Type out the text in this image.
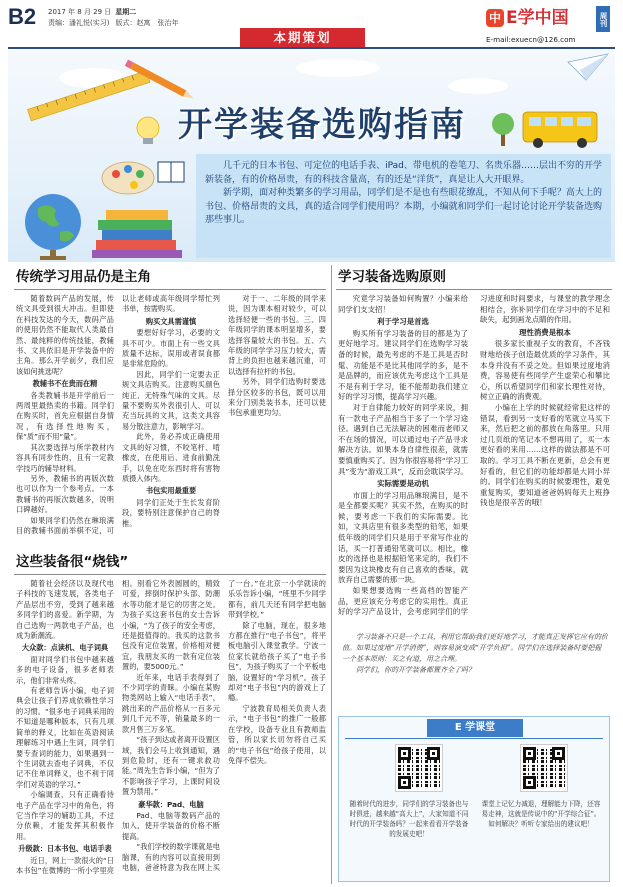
B2 2017 年 8 月 29 日 星期二
责编：潘礼悦(实习) 版式：赵寓　张治年
本期策划
中 E学中国	周刊
E-mail:exuecn@126.com
开学装备选购指南

几千元的日本书包、可定位的电话手表、iPad、带电机的卷笔刀、名贵乐器……层出不穷的开学新装备，有的价格昂贵，有的科技含量高，有的还是“洋货”，真是让人大开眼界。

新学期，面对种类繁多的学习用品，同学们是不是也有些眼花缭乱，不知从何下手呢？高大上的书包、价格昂贵的文具，真的适合同学们使用吗？本期，小编就和同学们一起讨论讨论开学装备选购那些事儿。

传统学习用品仍是主角

随着数码产品的发展，传统文具受到很大冲击。但即使在科技发达的今天，数码产品的使用仍然不能取代人类最自然、最纯粹的传统技能，教辅书、文具依旧是开学装备中的主角。那么开学前夕，我们应该如何挑选呢？

教辅书不在贵而在精

各类教辅书是开学前后一两周里最热卖的书籍。同学们在购买时，首先应根据自身情况，有选择性地购买，保“质”而不用“量”。

其次要选择与所学教材内容具有同步性的，且有一定教学技巧的辅导材料。

另外，教辅书的再版次数也可以作为一个参考点。一本教辅书的再版次数越多，说明口碑越好。

如果同学们仍然在琳琅满目的教辅书面前举棋不定，可以让老师或高年级同学帮忙列书单，按需购买。

购买文具需谨慎

要想好好学习，必要的文具不可少。市面上有一些文具质量不达标，误用或者误食都是非常危险的。

因此，同学们一定要去正规文具店购买。注意购买颜色纯正、无特殊气味的文具。尽量不要购买外表很引人、可以充当玩具的文具，这类文具容易分散注意力，影响学习。

此外，务必养成正确使用文具的好习惯，不咬笔杆、啃橡皮，在使用后、进食前勤洗手，以免在吃东西时将有害物质摄入体内。

书包实用最重要

同学们正处于生长发育阶段，要特别注意保护自己的脊椎。

对于一、二年级的同学来说，因为课本相对较少，可以选择轻便一些的书包。三、四年级同学的课本明显增多，要选择容量较大的书包。五、六年级的同学学习压力较大，需背上的负担也越来越沉重，可以选择有拉杆的书包。

另外，同学们选购时要选择分区较多的书包，既可以用来分门别类装书本，还可以使书包承重更均匀。

这些装备很“烧钱”

随着社会经济以及现代电子科技的飞速发展，各类电子产品层出不穷，受到了越来越多同学们的喜爱。新学期，为自己选购一两款电子产品，也成为新潮流。

大众款：点读机、电子词典

面对同学们书包中越来越多的电子设备，很多老师表示，他们非常头疼。

有老师告诉小编，电子词典会让孩子们养成依赖性学习的习惯。“很多电子词典采用的不知道是哪种版本，只有几项简单的释义，比如在英语阅读理解练习中遇上生词，同学们要专查词的能力，如果遇到一个生词就去查电子词典，不仅记不住单词释义，也不利于同学们对英语的学习。”

小编调查，只有正确看待电子产品在学习中的角色，将它当作学习的辅助工具，不过分依赖，才能发挥其积极作用。

升级款：日本书包、电话手表

近日，网上一款很火的“日本书包”在微博的一所小学里亮相。别看它外表圆圆的，精致可爱，摔倒时保护头部、防潮水等功能才是它的厉害之处。为孩子买这套书包的女士告诉小编，“为了孩子的安全考虑，还是挺值得的。我买的这款书包没有定位装置，价格相对便宜，我朋友买的一款有定位装置的，要5000元。”

近年来，电话手表得到了不少同学的青睐。小编在某购物类网站上输入“电话手表”，跳出来的产品价格从一百多元到几千元不等，销量最多的一款月售三万多笔。

“孩子到达或者离开设置区域，我们会马上收到通知，遇到危险时，还有一键求救功能。”周先生告诉小编，“但为了不影响孩子学习，上课时间设置为禁用。”

豪华款：Pad、电脑

Pad、电脑等数码产品的加入，使开学装备的价格不断提高。

“我们学校的数学课就是电脑课，有的内容可以直接用到电脑，爸爸特意为我在网上买了一台。”在北京一小学就读的乐乐告诉小编，“班里不少同学都有，前几天还有同学把电脑带到学校。”

除了电脑，现在，很多地方都在推行“电子书包”，将平板电脑引入课堂教学。宁波一位家长就给孩子买了“电子书包”，为孩子购买了一个平板电脑，设置好的“学习机”。孩子却对“电子书包”内的游戏上了瘾。

宁波教育局相关负责人表示，“电子书包”的推广一般都在学校，设备专业且有教师监管，所以家长切勿将自己买的“电子书包”给孩子使用，以免得不偿失。

学习装备选购原则

究竟学习装备如何购置？小编来给同学们支支招！

利于学习是首选

购买所有学习装备的目的都是为了更好地学习。建议同学们在选购学习装备的时候，最先考虑的不是工具是否时髦、功能是不是比其他同学的多，是不是品牌的，而应该优先考虑这个工具是不是有利于学习，能不能帮助我们建立好的学习习惯，提高学习兴趣。

对于自律能力较好的同学来说，拥有一款电子产品相当于多了一个学习途径。遇到自己无法解决的困难而老师又不在场的情况，可以通过电子产品寻求解决方法。如果本身自律性很差，就需要慎重购买了。因为你很容易将“学习工具”变为“游戏工具”，反而会耽误学习。

实际需要是动机

市面上的学习用品琳琅满目，是不是全都要买呢？其实不然，在购买的时候，要考虑一下我们的实际需要。比如，文具店里有很多类型的铅笔，如果低年级的同学们只是用于平常写作业的话，买一打普通铅笔就可以。相比，橡皮的选择也是根据铅笔来定的，我们不要因为这块橡皮有自己喜欢的香味，就放弃自己需要的那一块。

如果想要选购一些高档的智能产品，更应该充分考虑它的实用性。真正好的学习产品设计，会考虑同学们的学习进度和时间要求，与课堂的教学理念相结合，弥补同学们在学习中的不足和缺失，起到画龙点睛的作用。

理性消费是根本

很多家长重视子女的教育，不吝钱财地给孩子创造最优质的学习条件，其本身并没有不妥之处。但如果过度地消费，容易使有些同学产生虚荣心和攀比心，所以希望同学们和家长理性对待，树立正确的消费观。

小编在上学的时候就经常犯这样的错误，看到另一支好看的笔就立马买下来，然后把之前的都放在角落里。只用过几页纸的笔记本不想再用了，买一本更好看的来用……这样的做法都是不可取的。学习工具不断在更新，总会有更好看的，但它们的功能却都是大同小异的。同学们在购买的时候要理性，避免重复购买，要知道爸爸妈妈每天上班挣钱也是很辛苦的哦！

学习装备不只是一个工具，利用它帮助我们更好地学习，才能真正发挥它应有的价值。如果过度地“开学消费”，则容易演变成“开学负担”。同学们在选择装备时要把握一个基本原则：买之有道，用之合理。

同学们，你的开学装备都置齐全了吗？

E 学课堂
随着时代的进步，同学们的学习装备也与时俱进，越来越“高大上”，大家知道不同时代的开学装备吗？一起来看看开学装备的发展史吧！
课堂上记忆力减退，理解能力下降，还容易走神，这就是传说中的“开学综合征”。如何解决？听听专家给出的建议吧！
